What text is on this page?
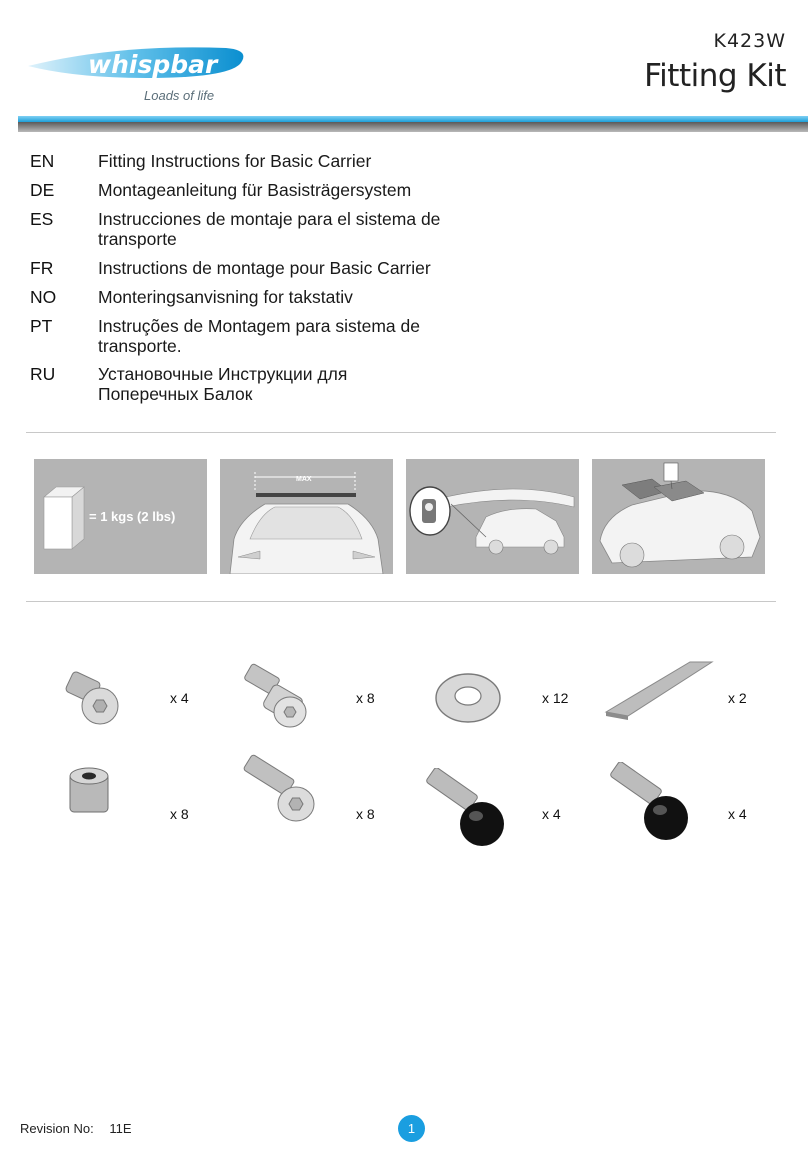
whispbar
Loads of life
K423W
Fitting Kit
EN	Fitting Instructions for Basic Carrier
DE	Montageanleitung für Basisträgersystem
ES	Instrucciones de montaje para el sistema de transporte
FR	Instructions de montage pour Basic Carrier
NO	Monteringsanvisning for takstativ
PT	Instruções de Montagem para sistema de transporte.
RU	Установочные Инструкции для Поперечных Балок
= 1 kgs (2 lbs)
MAX
x 4	x 8	x 12	x 2
x 8	x 8	x 4	x 4
Revision No: 11E	1
